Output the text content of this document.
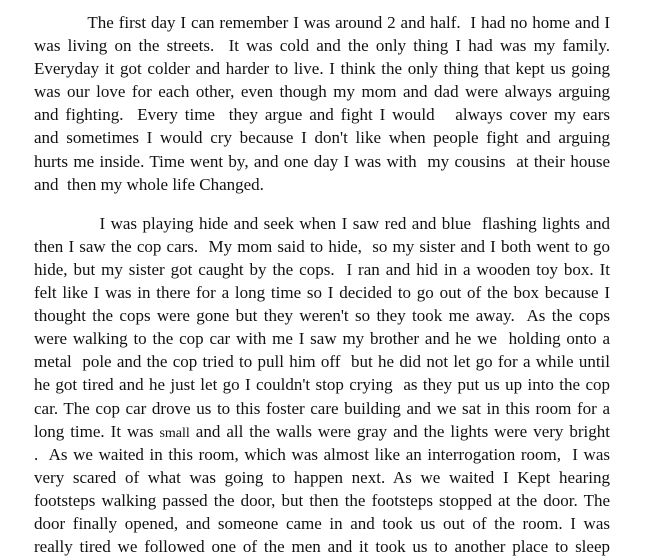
The first day I can remember I was around 2 and half.  I had no home and I
was living on the streets.  It was cold and the only thing I had was my family.
Everyday it got colder and harder to live. I think the only thing that kept us going
was our love for each other, even though my mom and dad were always arguing
and fighting.  Every time  they argue and fight I would   always cover my ears
and sometimes I would cry because I don't like when people fight and arguing
hurts me inside. Time went by, and one day I was with  my cousins  at their house
and  then my whole life Changed.
I was playing hide and seek when I saw red and blue  flashing lights and
then I saw the cop cars.  My mom said to hide,  so my sister and I both went to go
hide, but my sister got caught by the cops.  I ran and hid in a wooden toy box. It
felt like I was in there for a long time so I decided to go out of the box because I
thought the cops were gone but they weren't so they took me away.  As the cops
were walking to the cop car with me I saw my brother and he we  holding onto a
metal  pole and the cop tried to pull him off  but he did not let go for a while until
he got tired and he just let go I couldn't stop crying  as they put us up into the cop
car. The cop car drove us to this foster care building and we sat in this room for a
long time. It was small and all the walls were gray and the lights were very bright
.  As we waited in this room, which was almost like an interrogation room,  I was
very scared of what was going to happen next. As we waited I Kept hearing
footsteps walking passed the door, but then the footsteps stopped at the door. The
door finally opened, and someone came in and took us out of the room. I was
really tired we followed one of the men and it took us to another place to sleep
